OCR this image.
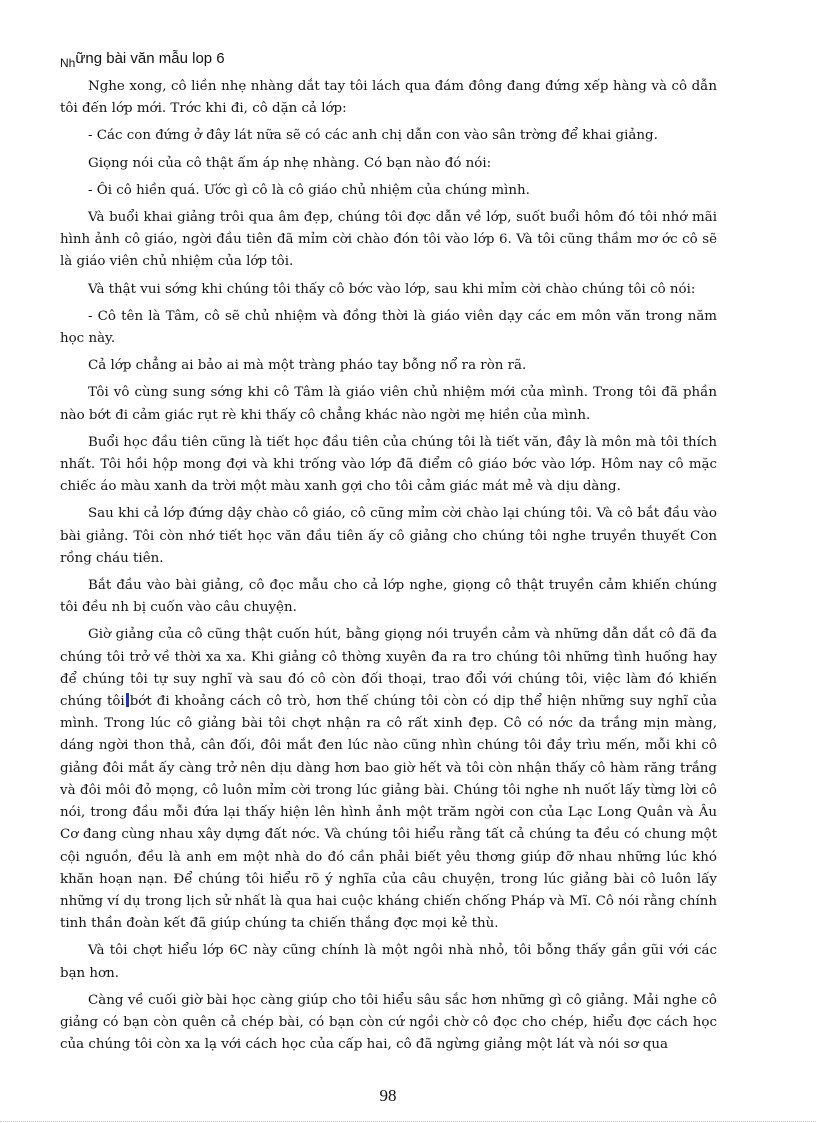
$_{Nh}$ững bài văn mẫu lop 6

Nghe xong, cô liền nhẹ nhàng dắt tay tôi lách qua đám đông đang đứng xếp hàng và cô dẫn tôi đến lớp mới. Trớc khi đi, cô dặn cả lớp:

- Các con đứng ở đây lát nữa sẽ có các anh chị dẫn con vào sân trờng để khai giảng.

Giọng nói của cô thật ấm áp nhẹ nhàng. Có bạn nào đó nói:

- Ôi cô hiền quá. Ước gì cô là cô giáo chủ nhiệm của chúng mình.

Và buổi khai giảng trôi qua âm đẹp, chúng tôi đợc dẫn về lớp, suốt buổi hôm đó tôi nhớ mãi hình ảnh cô giáo, ngời đầu tiên đã mỉm cời chào đón tôi vào lớp 6. Và tôi cũng thầm mơ ớc cô sẽ là giáo viên chủ nhiệm của lớp tôi.

Và thật vui sớng khi chúng tôi thấy cô bớc vào lớp, sau khi mỉm cời chào chúng tôi cô nói:

- Cô tên là Tâm, cô sẽ chủ nhiệm và đồng thời là giáo viên dạy các em môn văn trong năm học này.

Cả lớp chẳng ai bảo ai mà một tràng pháo tay bỗng nổ ra ròn rã.

Tôi vô cùng sung sớng khi cô Tâm là giáo viên chủ nhiệm mới của mình. Trong tôi đã phần nào bớt đi cảm giác rụt rè khi thấy cô chẳng khác nào ngời mẹ hiền của mình.

Buổi học đầu tiên cũng là tiết học đầu tiên của chúng tôi là tiết văn, đây là môn mà tôi thích nhất. Tôi hồi hộp mong đợi và khi trống vào lớp đã điểm cô giáo bớc vào lớp. Hôm nay cô mặc chiếc áo màu xanh da trời một màu xanh gợi cho tôi cảm giác mát mẻ và dịu dàng.

Sau khi cả lớp đứng dậy chào cô giáo, cô cũng mỉm cời chào lại chúng tôi. Và cô bắt đầu vào bài giảng. Tôi còn nhớ tiết học văn đầu tiên ấy cô giảng cho chúng tôi nghe truyền thuyết Con rồng cháu tiên.

Bắt đầu vào bài giảng, cô đọc mẫu cho cả lớp nghe, giọng cô thật truyền cảm khiến chúng tôi đều nh bị cuốn vào câu chuyện.

Giờ giảng của cô cũng thật cuốn hút, bằng giọng nói truyền cảm và những dẫn dắt cô đã đa chúng tôi trở về thời xa xa. Khi giảng cô thờng xuyên đa ra tro chúng tôi những tình huống hay để chúng tôi tự suy nghĩ và sau đó cô còn đối thoại, trao đổi với chúng tôi, việc làm đó khiến chúng tôi bớt đi khoảng cách cô trò, hơn thế chúng tôi còn có dịp thể hiện những suy nghĩ của mình. Trong lúc cô giảng bài tôi chợt nhận ra cô rất xinh đẹp. Cô có nớc da trắng mịn màng, dáng ngời thon thả, cân đối, đôi mắt đen lúc nào cũng nhìn chúng tôi đầy trìu mến, mỗi khi cô giảng đôi mắt ấy càng trở nên dịu dàng hơn bao giờ hết và tôi còn nhận thấy cô hàm răng trắng và đôi môi đỏ mọng, cô luôn mỉm cời trong lúc giảng bài. Chúng tôi nghe nh nuốt lấy từng lời cô nói, trong đầu mỗi đứa lại thấy hiện lên hình ảnh một trăm ngời con của Lạc Long Quân và Âu Cơ đang cùng nhau xây dựng đất nớc. Và chúng tôi hiểu rằng tất cả chúng ta đều có chung một cội nguồn, đều là anh em một nhà do đó cần phải biết yêu thơng giúp đỡ nhau những lúc khó khăn hoạn nạn. Để chúng tôi hiểu rõ ý nghĩa của câu chuyện, trong lúc giảng bài cô luôn lấy những ví dụ trong lịch sử nhất là qua hai cuộc kháng chiến chống Pháp và Mĩ. Cô nói rằng chính tinh thần đoàn kết đã giúp chúng ta chiến thắng đợc mọi kẻ thù.

Và tôi chợt hiểu lớp 6C này cũng chính là một ngôi nhà nhỏ, tôi bỗng thấy gần gũi với các bạn hơn.

Càng về cuối giờ bài học càng giúp cho tôi hiểu sâu sắc hơn những gì cô giảng. Mải nghe cô giảng có bạn còn quên cả chép bài, có bạn còn cứ ngồi chờ cô đọc cho chép, hiểu đợc cách học của chúng tôi còn xa lạ với cách học của cấp hai, cô đã ngừng giảng một lát và nói sơ qua

98
